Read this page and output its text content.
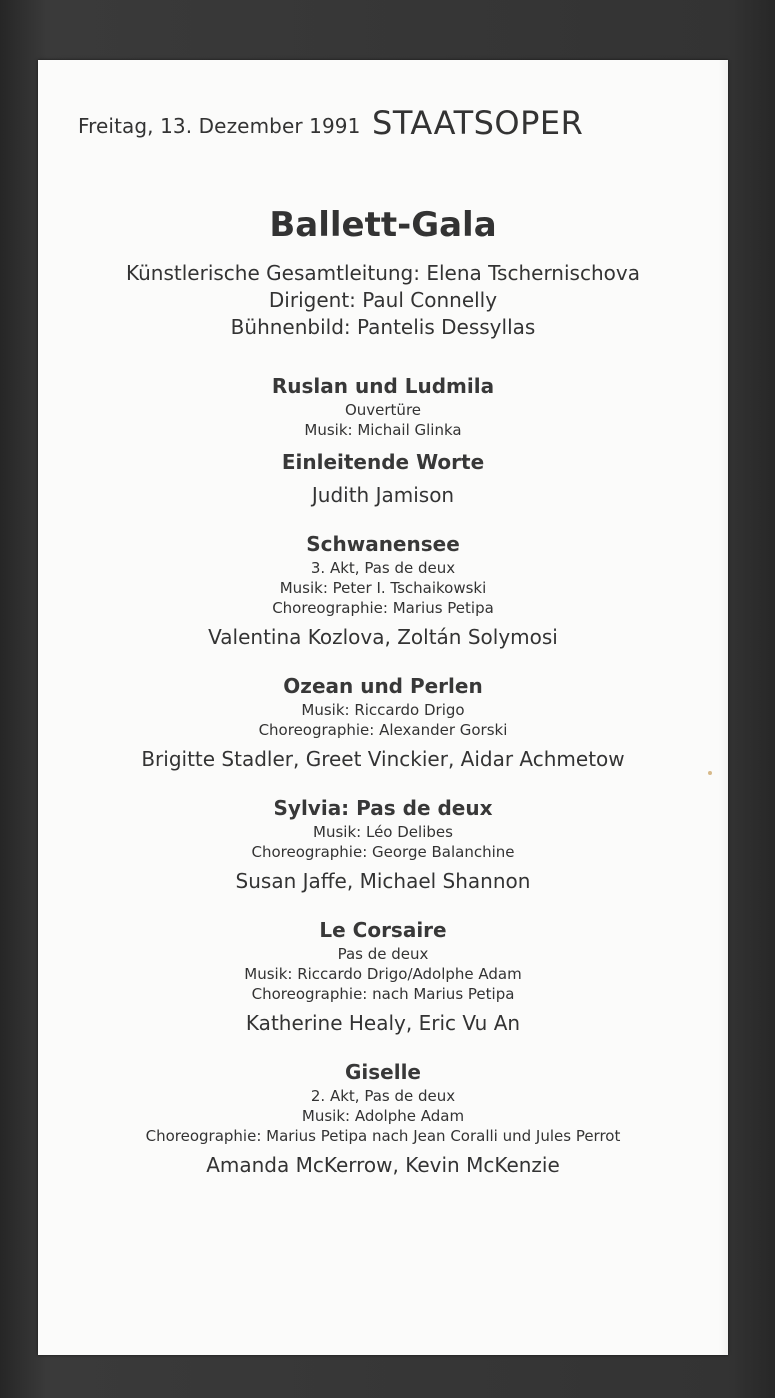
Freitag, 13. Dezember 1991 STAATSOPER
Ballett-Gala
Künstlerische Gesamtleitung: Elena Tschernischova
Dirigent: Paul Connelly
Bühnenbild: Pantelis Dessyllas
Ruslan und Ludmila
Ouvertüre
Musik: Michail Glinka
Einleitende Worte
Judith Jamison
Schwanensee
3. Akt, Pas de deux
Musik: Peter I. Tschaikowski
Choreographie: Marius Petipa
Valentina Kozlova, Zoltán Solymosi
Ozean und Perlen
Musik: Riccardo Drigo
Choreographie: Alexander Gorski
Brigitte Stadler, Greet Vinckier, Aidar Achmetow
Sylvia: Pas de deux
Musik: Léo Delibes
Choreographie: George Balanchine
Susan Jaffe, Michael Shannon
Le Corsaire
Pas de deux
Musik: Riccardo Drigo/Adolphe Adam
Choreographie: nach Marius Petipa
Katherine Healy, Eric Vu An
Giselle
2. Akt, Pas de deux
Musik: Adolphe Adam
Choreographie: Marius Petipa nach Jean Coralli und Jules Perrot
Amanda McKerrow, Kevin McKenzie
